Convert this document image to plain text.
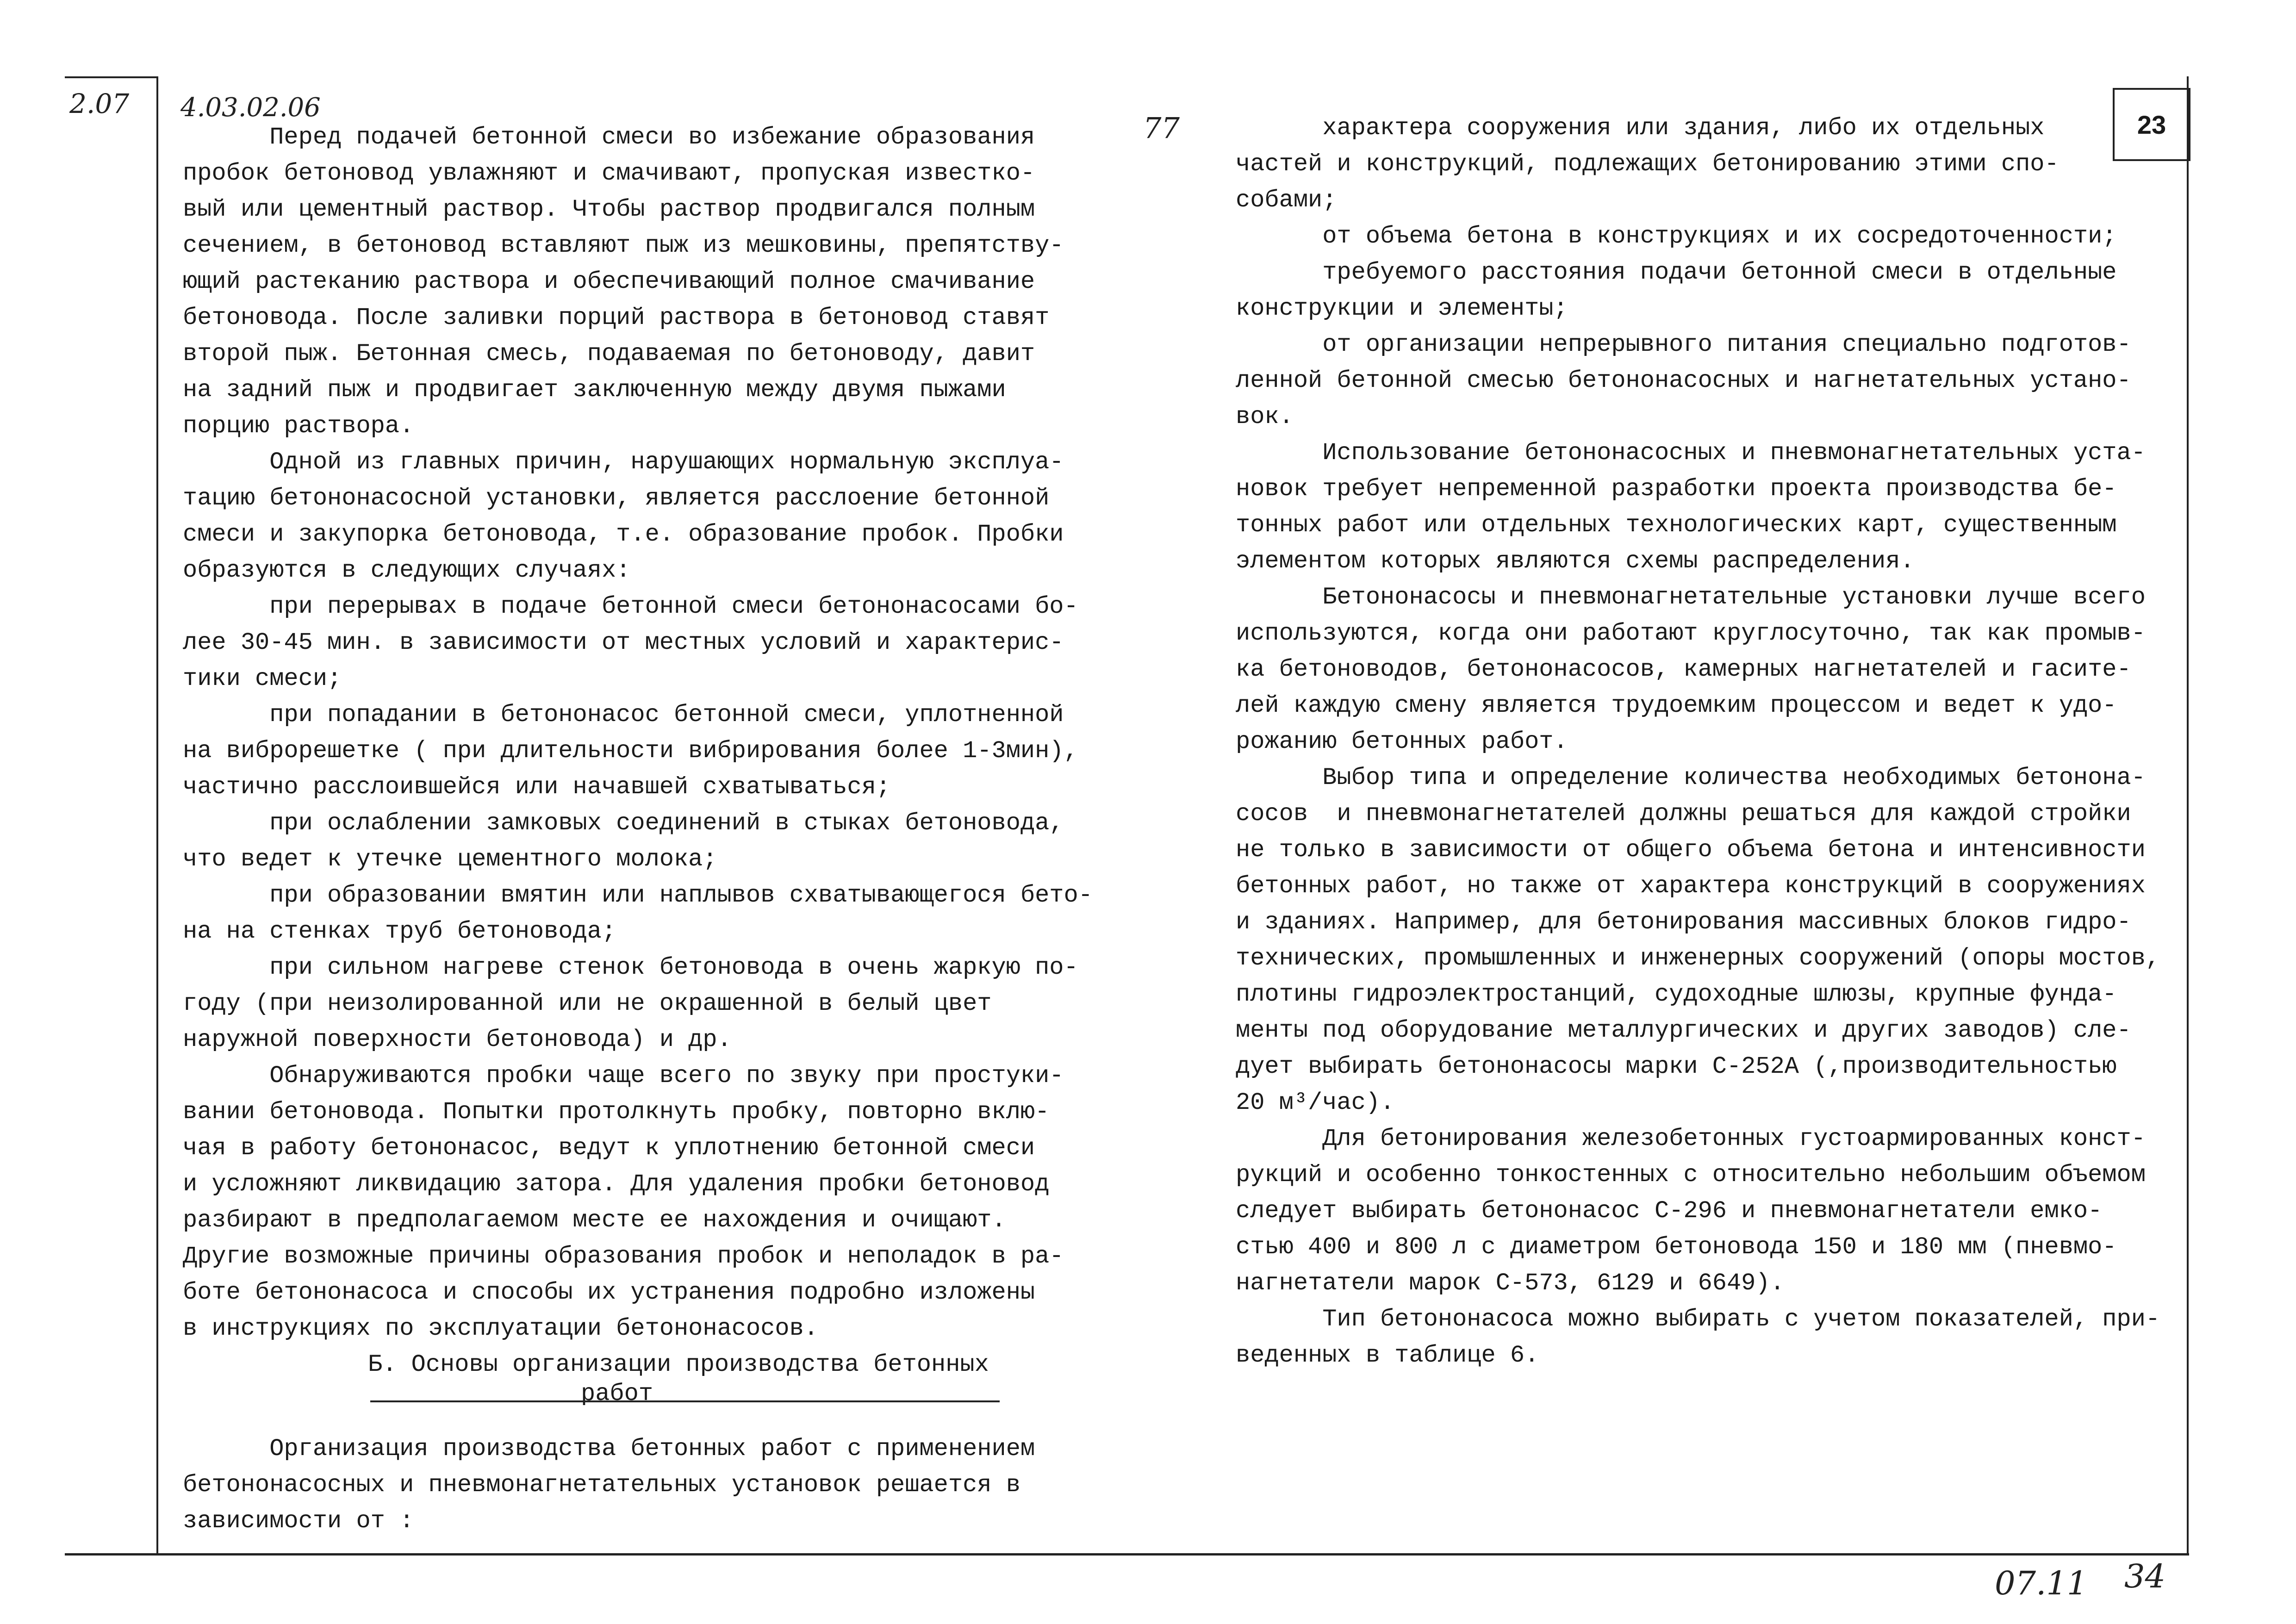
2.07 4.03.02.06
77	23
Перед подачей бетонной смеси во избежание образования
пробок бетоновод увлажняют и смачивают, пропуская известко-
вый или цементный раствор. Чтобы раствор продвигался полным
сечением, в бетоновод вставляют пыж из мешковины, препятству-
ющий растеканию раствора и обеспечивающий полное смачивание
бетоновода. После заливки порций раствора в бетоновод ставят
второй пыж. Бетонная смесь, подаваемая по бетоноводу, давит
на задний пыж и продвигает заключенную между двумя пыжами
порцию раствора.
Одной из главных причин, нарушающих нормальную эксплуа-
тацию бетононасосной установки, является расслоение бетонной
смеси и закупорка бетоновода, т.е. образование пробок. Пробки
образуются в следующих случаях:
при перерывах в подаче бетонной смеси бетононасосами бо-
лее 30-45 мин. в зависимости от местных условий и характерис-
тики смеси;
при попадании в бетононасос бетонной смеси, уплотненной
на виброрешетке ( при длительности вибрирования более 1-3мин),
частично расслоившейся или начавшей схватываться;
при ослаблении замковых соединений в стыках бетоновода,
что ведет к утечке цементного молока;
при образовании вмятин или наплывов схватывающегося бето-
на на стенках труб бетоновода;
при сильном нагреве стенок бетоновода в очень жаркую по-
году (при неизолированной или не окрашенной в белый цвет
наружной поверхности бетоновода) и др.
Обнаруживаются пробки чаще всего по звуку при простуки-
вании бетоновода. Попытки протолкнуть пробку, повторно вклю-
чая в работу бетононасос, ведут к уплотнению бетонной смеси
и усложняют ликвидацию затора. Для удаления пробки бетоновод
разбирают в предполагаемом месте ее нахождения и очищают.
Другие возможные причины образования пробок и неполадок в ра-
боте бетононасоса и способы их устранения подробно изложены
в инструкциях по эксплуатации бетононасосов.
Б. Основы организации производства бетонных
работ
Организация производства бетонных работ с применением
бетононасосных и пневмонагнетательных установок решается в
зависимости от :
характера сооружения или здания, либо их отдельных
частей и конструкций, подлежащих бетонированию этими спо-
собами;
от объема бетона в конструкциях и их сосредоточенности;
требуемого расстояния подачи бетонной смеси в отдельные
конструкции и элементы;
от организации непрерывного питания специально подготов-
ленной бетонной смесью бетононасосных и нагнетательных устано-
вок.
Использование бетононасосных и пневмонагнетательных уста-
новок требует непременной разработки проекта производства бе-
тонных работ или отдельных технологических карт, существенным
элементом которых являются схемы распределения.
Бетононасосы и пневмонагнетательные установки лучше всего
используются, когда они работают круглосуточно, так как промыв-
ка бетоноводов, бетононасосов, камерных нагнетателей и гасите-
лей каждую смену является трудоемким процессом и ведет к удо-
рожанию бетонных работ.
Выбор типа и определение количества необходимых бетонона-
сосов  и пневмонагнетателей должны решаться для каждой стройки
не только в зависимости от общего объема бетона и интенсивности
бетонных работ, но также от характера конструкций в сооружениях
и зданиях. Например, для бетонирования массивных блоков гидро-
технических, промышленных и инженерных сооружений (опоры мостов,
плотины гидроэлектростанций, судоходные шлюзы, крупные фунда-
менты под оборудование металлургических и других заводов) сле-
дует выбирать бетононасосы марки С-252А (,производительностью
20 м³/час).
Для бетонирования железобетонных густоармированных конст-
рукций и особенно тонкостенных с относительно небольшим объемом
следует выбирать бетононасос С-296 и пневмонагнетатели емко-
стью 400 и 800 л с диаметром бетоновода 150 и 180 мм (пневмо-
нагнетатели марок С-573, 6129 и 6649).
Тип бетононасоса можно выбирать с учетом показателей, при-
веденных в таблице 6.
07.11 34
